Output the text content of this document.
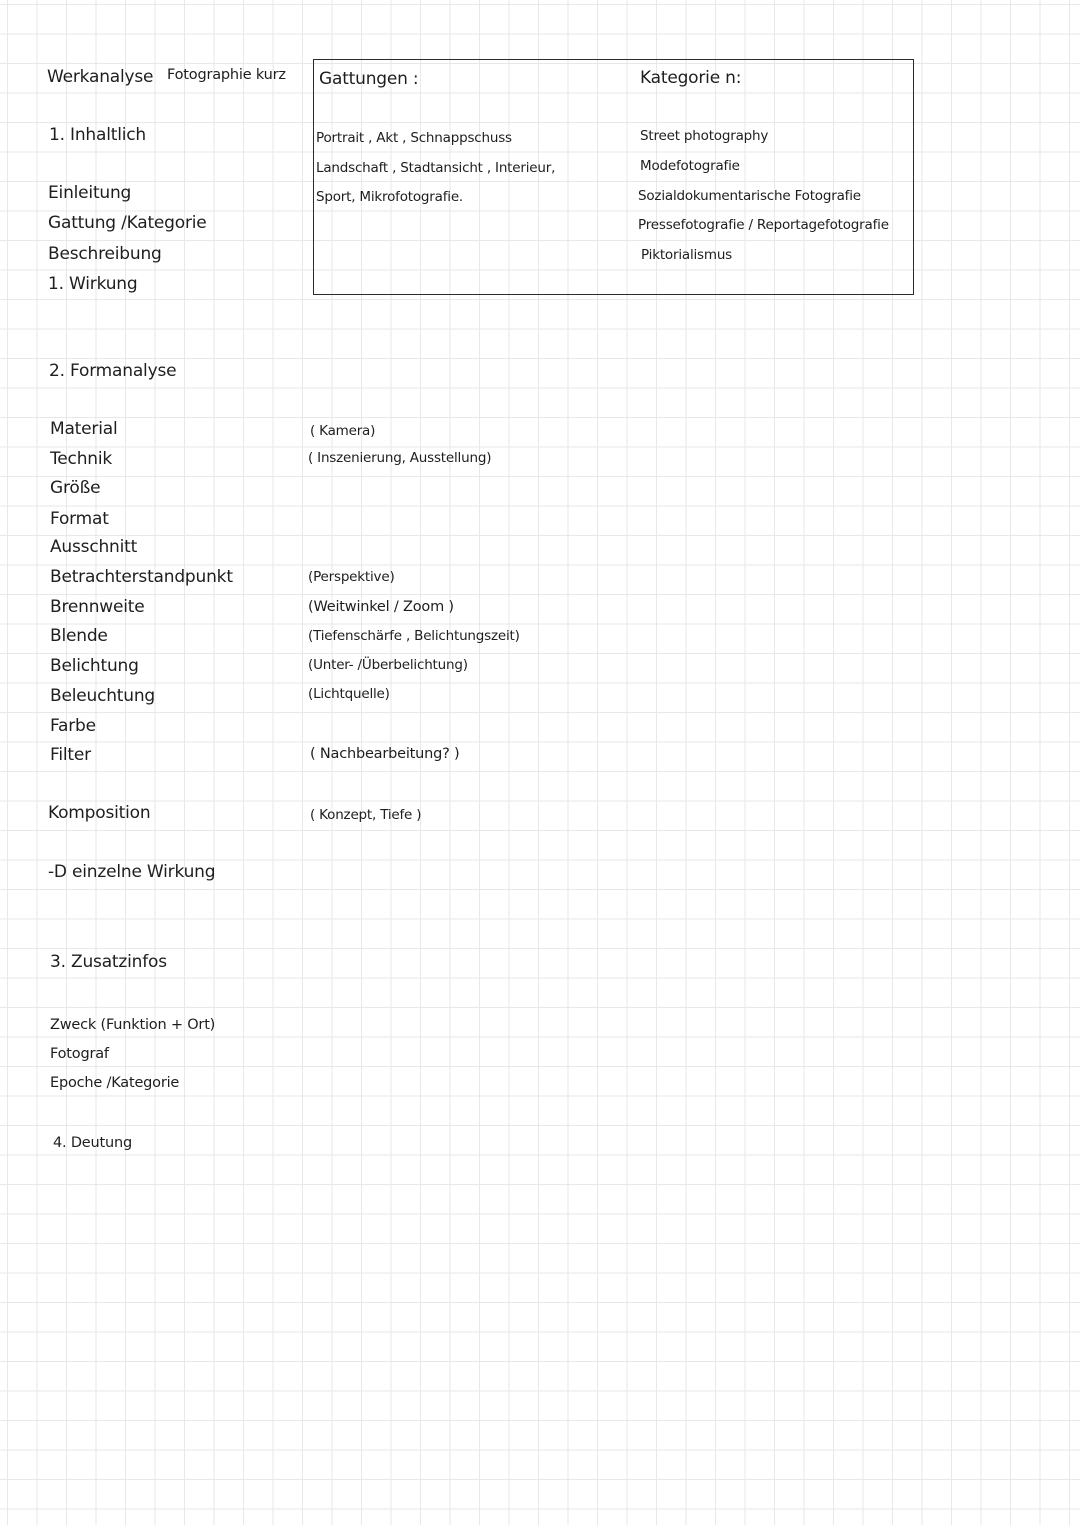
Werkanalyse Fotographie kurz
1. Inhaltlich
Einleitung
Gattung /Kategorie
Beschreibung
1. Wirkung
Gattungen :
Portrait , Akt , Schnappschuss
Landschaft , Stadtansicht , Interieur,
Sport, Mikrofotografie.
Kategorie n:
Street photography
Modefotografie
Sozialdokumentarische Fotografie
Pressefotografie / Reportagefotografie
Piktorialismus
2. Formanalyse
Material
Technik
Größe
Format
Ausschnitt
Betrachterstandpunkt
Brennweite
Blende
Belichtung
Beleuchtung
Farbe
Filter
( Kamera)
( Inszenierung, Ausstellung)
(Perspektive)
(Weitwinkel / Zoom )
(Tiefenschärfe , Belichtungszeit)
(Unter- /Überbelichtung)
(Lichtquelle)
( Nachbearbeitung? )
Komposition	( Konzept, Tiefe )
-D einzelne Wirkung
3. Zusatzinfos
Zweck (Funktion + Ort)
Fotograf
Epoche /Kategorie
4. Deutung
